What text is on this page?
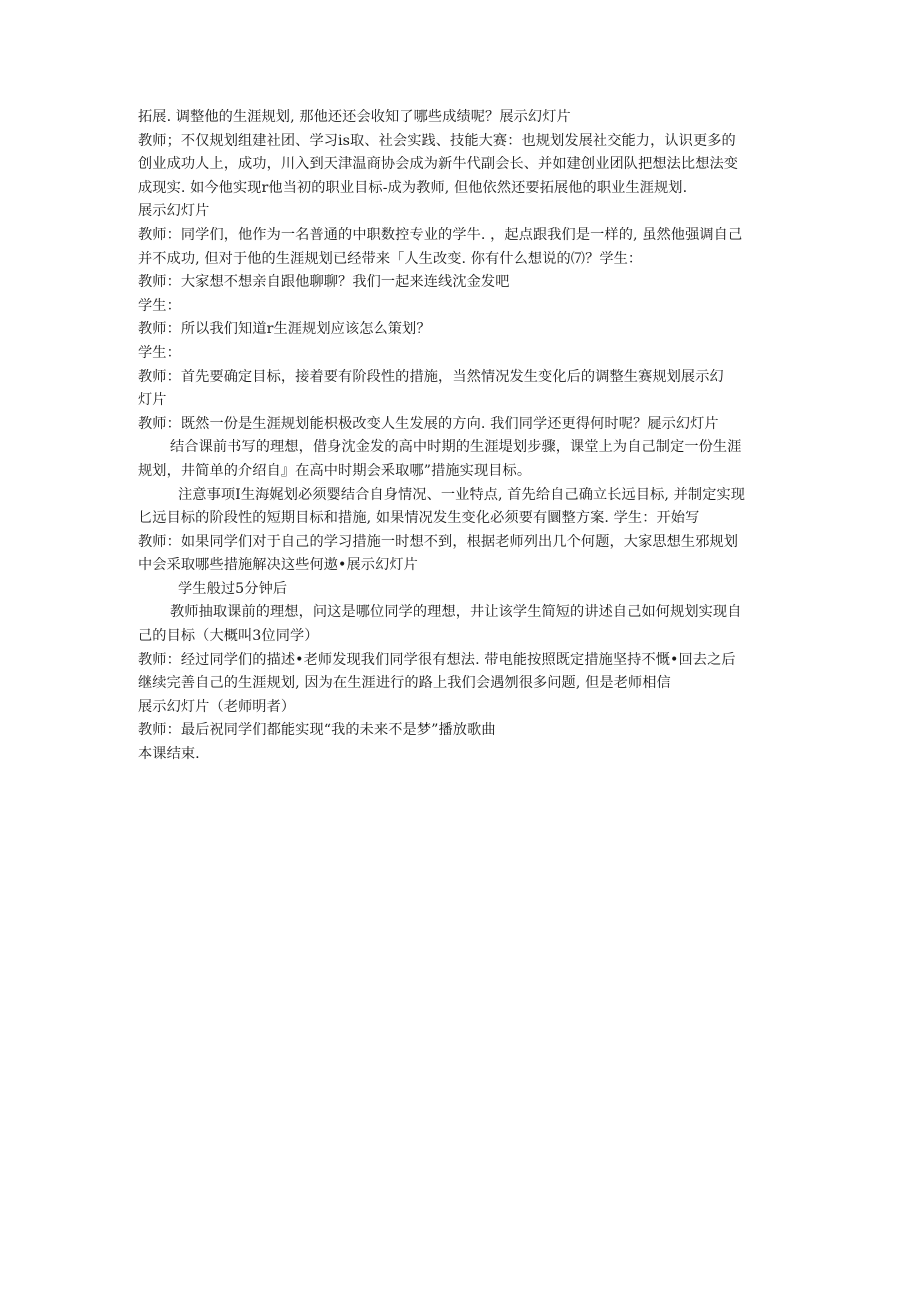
拓展. 调整他的生涯规划, 那他还还会收知了哪些成绩呢？展示幻灯片
教师；不仅规划组建社团、学习is取、社会实践、技能大赛：也规划发展社交能力，认识更多的
创业成功人上，成功，川入到天津温商协会成为新牛代副会长、并如建创业团队把想法比想法变
成现实. 如今他实现r他当初的职业目标-成为教师, 但他依然还要拓展他的职业生涯规划.
展示幻灯片
教师：同学们，他作为一名普通的中职数控专业的学牛. ，起点跟我们是一样的, 虽然他强调自己
并不成功, 但对于他的生涯规划已经带来「人生改变. 你有什么想说的⑺？学生：
教师：大家想不想亲自跟他聊聊？我们一起来连线沈金发吧
学生：
教师：所以我们知道r生涯规划应该怎么策划？
学生：
教师：首先要确定目标，接着要有阶段性的措施，当然情况发生变化后的调整生赛规划展示幻
灯片
教师：既然一份是生涯规划能枳极改变人生发展的方向. 我们同学还更得何时呢？屣示幻灯片
结合课前书写的理想，借身沈金发的高中时期的生涯堤划步骤，课堂上为自己制定一份生涯
规划，井简单的介绍自』在高中时期会釆取哪”措施实现目标。
注意事项I生海娓划必须婴结合自身情况、一业特点, 首先给自己确立长远目标, 并制定实现
匕远目标的阶段性的短期目标和措施, 如果情况发生变化必须要有圜整方案. 学生：开始写
教师：如果同学们对于自己的学习措施一时想不到，根据老师列出几个何题，大家思想生邪规划
中会采取哪些措施解决这些何遨•展示幻灯片
学生般过5分钟后
教师抽取课前的理想，问这是哪位同学的理想，井让该学生简短的讲述自己如何规划实现自
己的目标（大概叫3位同学）
教师：经过同学们的描述•老师发现我们同学很有想法. 带电能按照既定措施坚持不慨•回去之后
继续完善自己的生涯规划, 因为在生涯进行的路上我们会遇刎很多问题, 但是老师相信
展示幻灯片（老师明者）
教师：最后祝同学们都能实现“我的未来不是梦”播放歌曲
本课结束.
